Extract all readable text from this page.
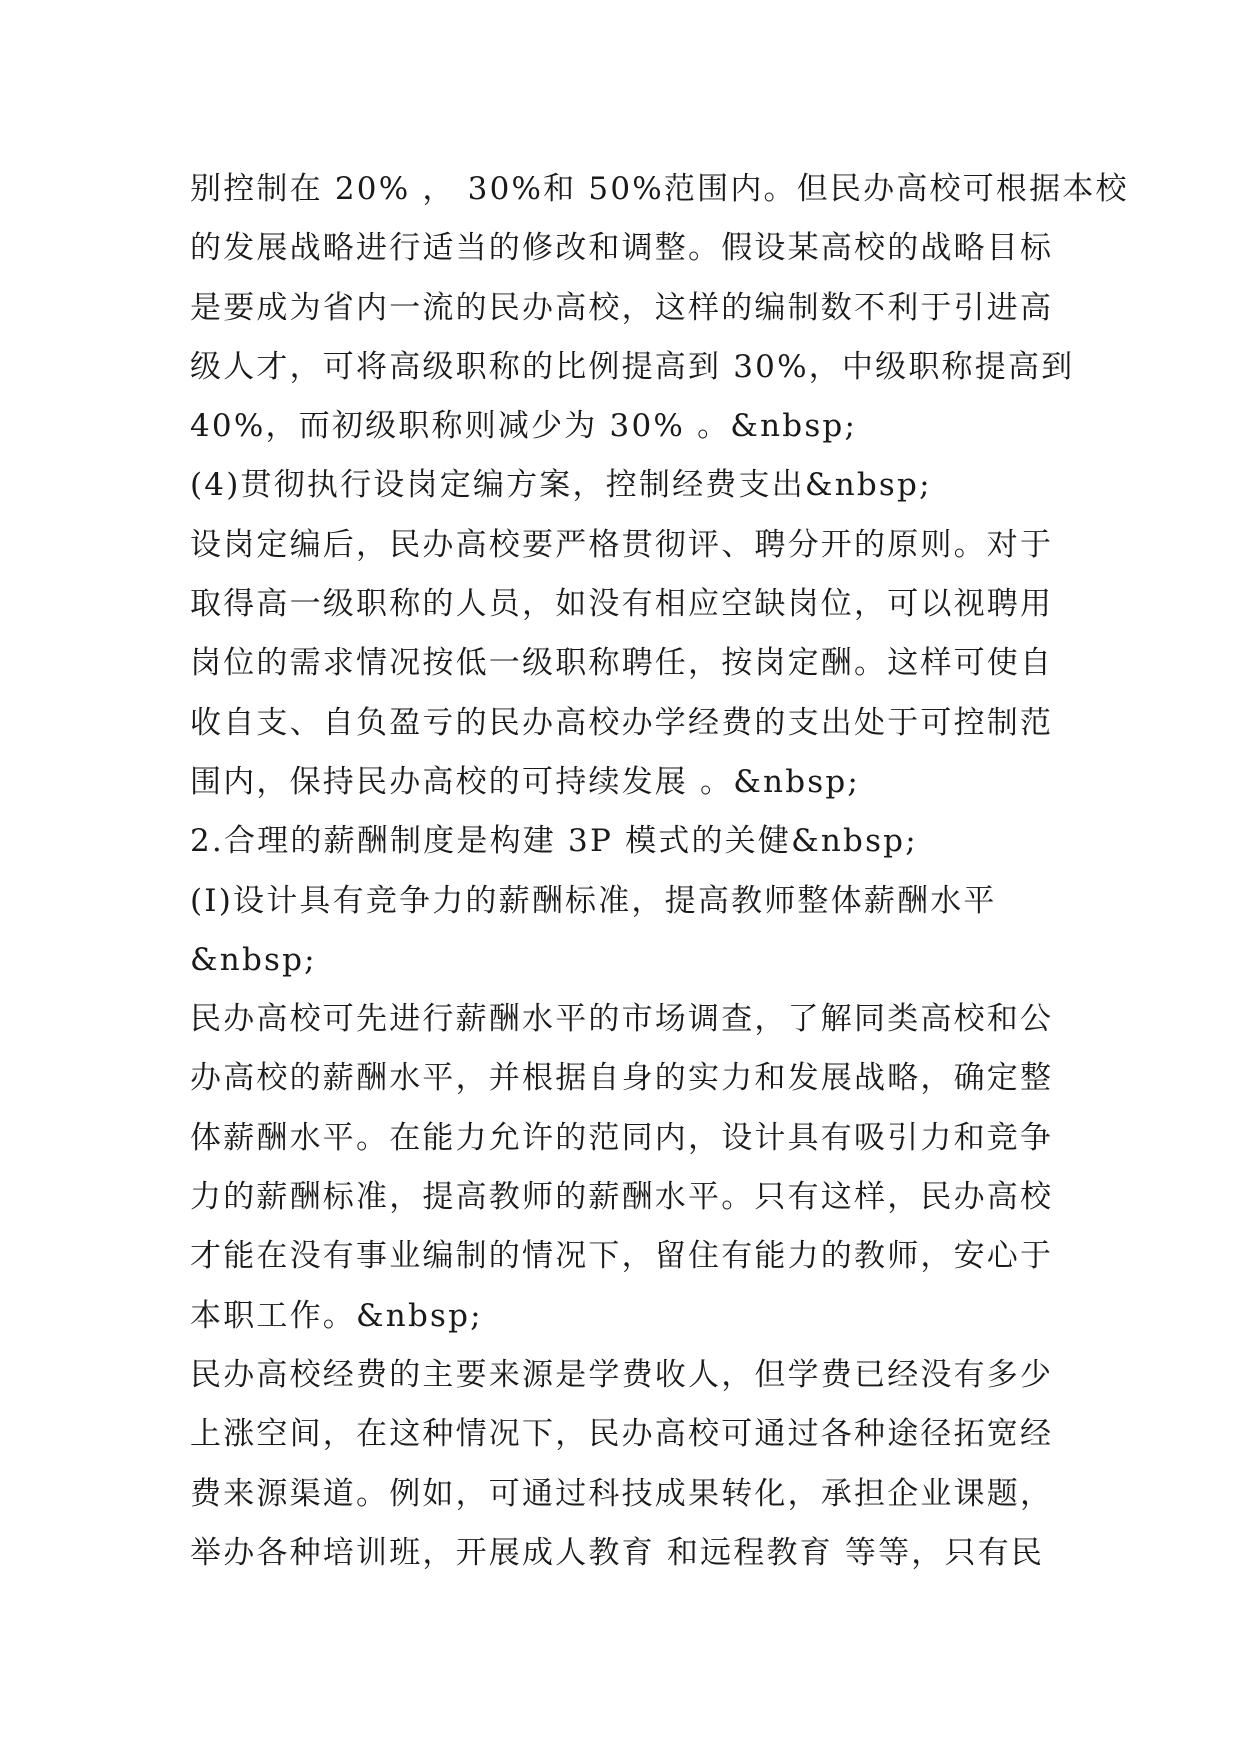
别控制在 20% ， 30%和 50%范围内。但民办高校可根据本校
的发展战略进行适当的修改和调整。假设某高校的战略目标
是要成为省内一流的民办高校，这样的编制数不利于引进高
级人才，可将高级职称的比例提高到 30%，中级职称提高到
40%，而初级职称则减少为 30% 。&nbsp;
(4)贯彻执行设岗定编方案，控制经费支出&nbsp;
设岗定编后，民办高校要严格贯彻评、聘分开的原则。对于
取得高一级职称的人员，如没有相应空缺岗位，可以视聘用
岗位的需求情况按低一级职称聘任，按岗定酬。这样可使自
收自支、自负盈亏的民办高校办学经费的支出处于可控制范
围内，保持民办高校的可持续发展 。&nbsp;
2.合理的薪酬制度是构建 3P 模式的关健&nbsp;
(I)设计具有竞争力的薪酬标准，提高教师整体薪酬水平
&nbsp;
民办高校可先进行薪酬水平的市场调查，了解同类高校和公
办高校的薪酬水平，并根据自身的实力和发展战略，确定整
体薪酬水平。在能力允许的范同内，设计具有吸引力和竞争
力的薪酬标准，提高教师的薪酬水平。只有这样，民办高校
才能在没有事业编制的情况下，留住有能力的教师，安心于
本职工作。&nbsp;
民办高校经费的主要来源是学费收人，但学费已经没有多少
上涨空间，在这种情况下，民办高校可通过各种途径拓宽经
费来源渠道。例如，可通过科技成果转化，承担企业课题，
举办各种培训班，开展成人教育 和远程教育 等等，只有民
